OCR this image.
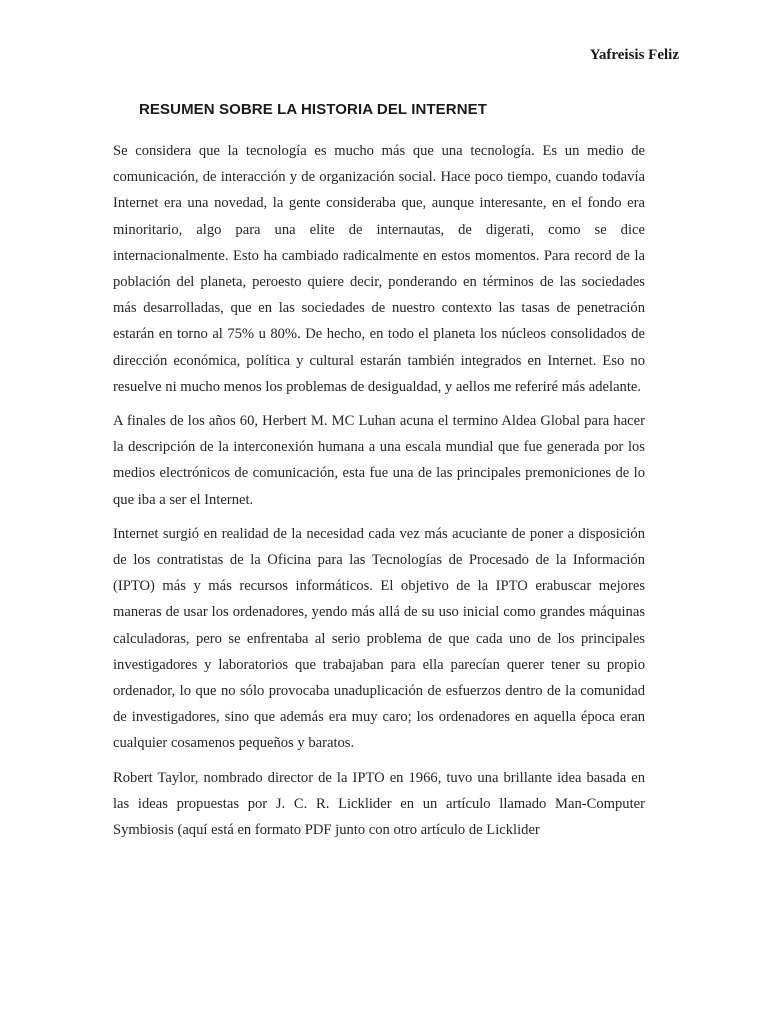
Yafreisis Feliz
RESUMEN SOBRE LA HISTORIA DEL INTERNET

Se considera que la tecnología es mucho más que una tecnología. Es un medio de comunicación, de interacción y de organización social. Hace poco tiempo, cuando todavía Internet era una novedad, la gente consideraba que, aunque interesante, en el fondo era minoritario, algo para una elite de internautas, de digerati, como se dice internacionalmente. Esto ha cambiado radicalmente en estos momentos. Para record de la población del planeta, peroesto quiere decir, ponderando en términos de las sociedades más desarrolladas, que en las sociedades de nuestro contexto las tasas de penetración estarán en torno al 75% u 80%. De hecho, en todo el planeta los núcleos consolidados de dirección económica, política y cultural estarán también integrados en Internet. Eso no resuelve ni mucho menos los problemas de desigualdad, y aellos me referiré más adelante.

A finales de los años 60, Herbert M. MC Luhan acuna el termino Aldea Global para hacer la descripción de la interconexión humana a una escala mundial que fue generada por los medios electrónicos de comunicación, esta fue una de las principales premoniciones de lo que iba a ser el Internet.

Internet surgió en realidad de la necesidad cada vez más acuciante de poner a disposición de los contratistas de la Oficina para las Tecnologías de Procesado de la Información (IPTO) más y más recursos informáticos. El objetivo de la IPTO erabuscar mejores maneras de usar los ordenadores, yendo más allá de su uso inicial como grandes máquinas calculadoras, pero se enfrentaba al serio problema de que cada uno de los principales investigadores y laboratorios que trabajaban para ella parecían querer tener su propio ordenador, lo que no sólo provocaba unaduplicación de esfuerzos dentro de la comunidad de investigadores, sino que además era muy caro; los ordenadores en aquella época eran cualquier cosamenos pequeños y baratos.

Robert Taylor, nombrado director de la IPTO en 1966, tuvo una brillante idea basada en las ideas propuestas por J. C. R. Licklider en un artículo llamado Man-Computer Symbiosis (aquí está en formato PDF junto con otro artículo de Licklider
